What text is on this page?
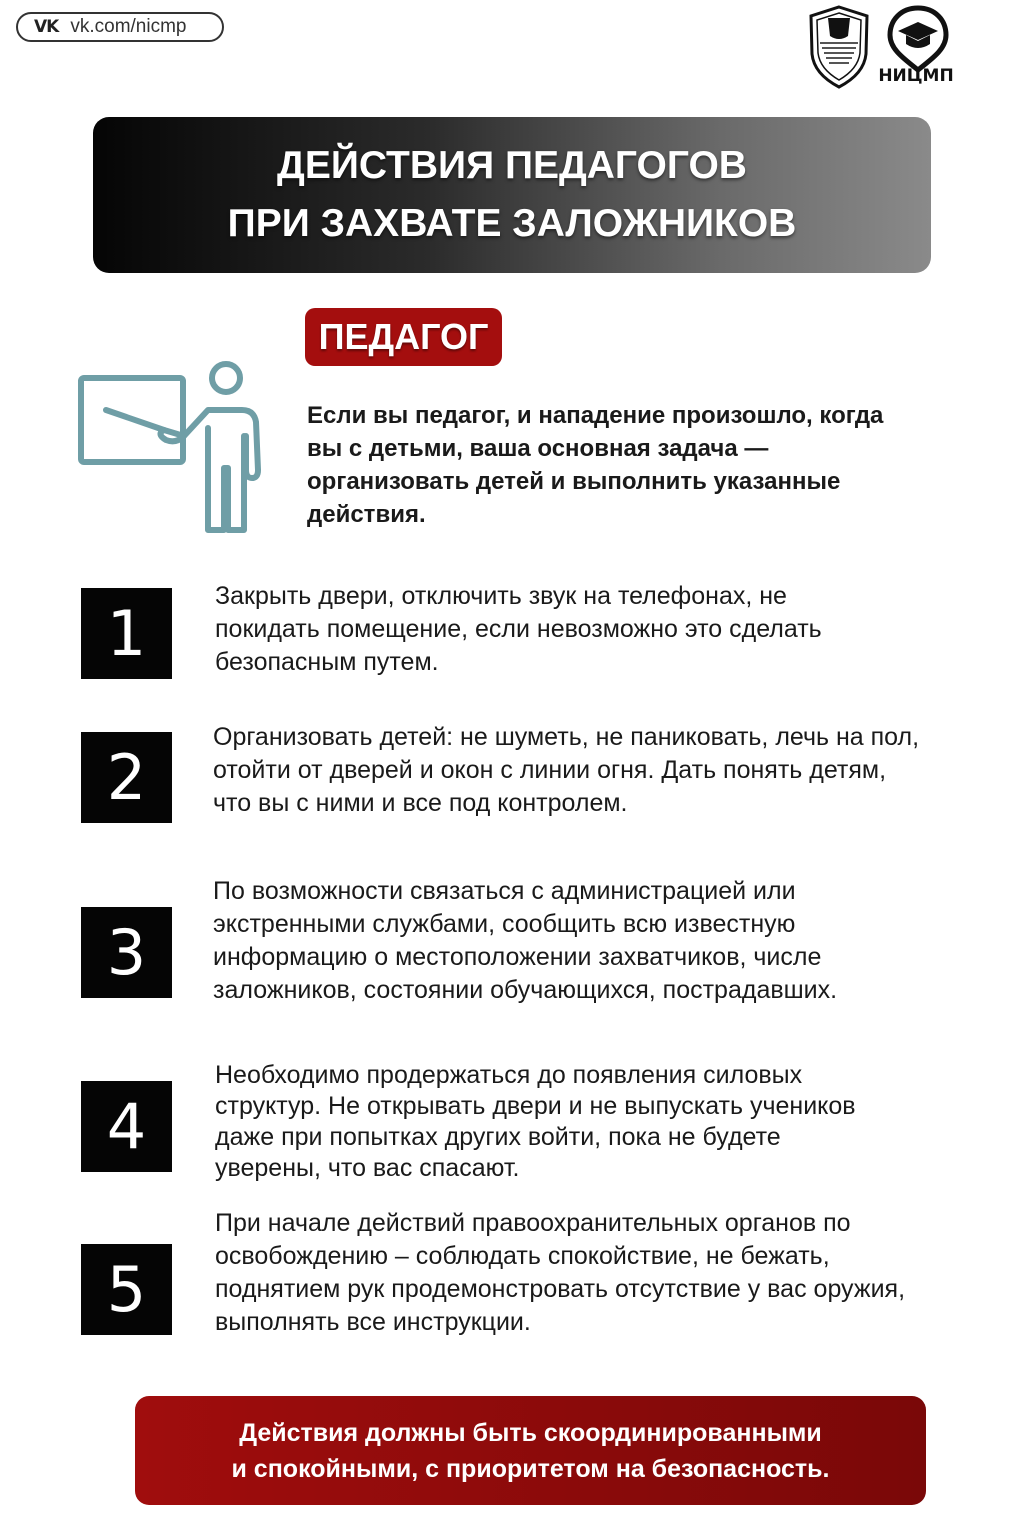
VK vk.com/nicmp
НИЦМП
ДЕЙСТВИЯ ПЕДАГОГОВ
ПРИ ЗАХВАТЕ ЗАЛОЖНИКОВ
ПЕДАГОГ
Если вы педагог, и нападение произошло, когда вы с детьми, ваша основная задача — организовать детей и выполнить указанные действия.
1
Закрыть двери, отключить звук на телефонах, не покидать помещение, если невозможно это сделать безопасным путем.
2
Организовать детей: не шуметь, не паниковать, лечь на пол, отойти от дверей и окон с линии огня. Дать понять детям, что вы с ними и все под контролем.
3
По возможности связаться с администрацией или экстренными службами, сообщить всю известную информацию о местоположении захватчиков, числе заложников, состоянии обучающихся, пострадавших.
4
Необходимо продержаться до появления силовых структур. Не открывать двери и не выпускать учеников даже при попытках других войти, пока не будете уверены, что вас спасают.
5
При начале действий правоохранительных органов по освобождению – соблюдать спокойствие, не бежать, поднятием рук продемонстровать отсутствие у вас оружия, выполнять все инструкции.
Действия должны быть скоординированными
и спокойными, с приоритетом на безопасность.
